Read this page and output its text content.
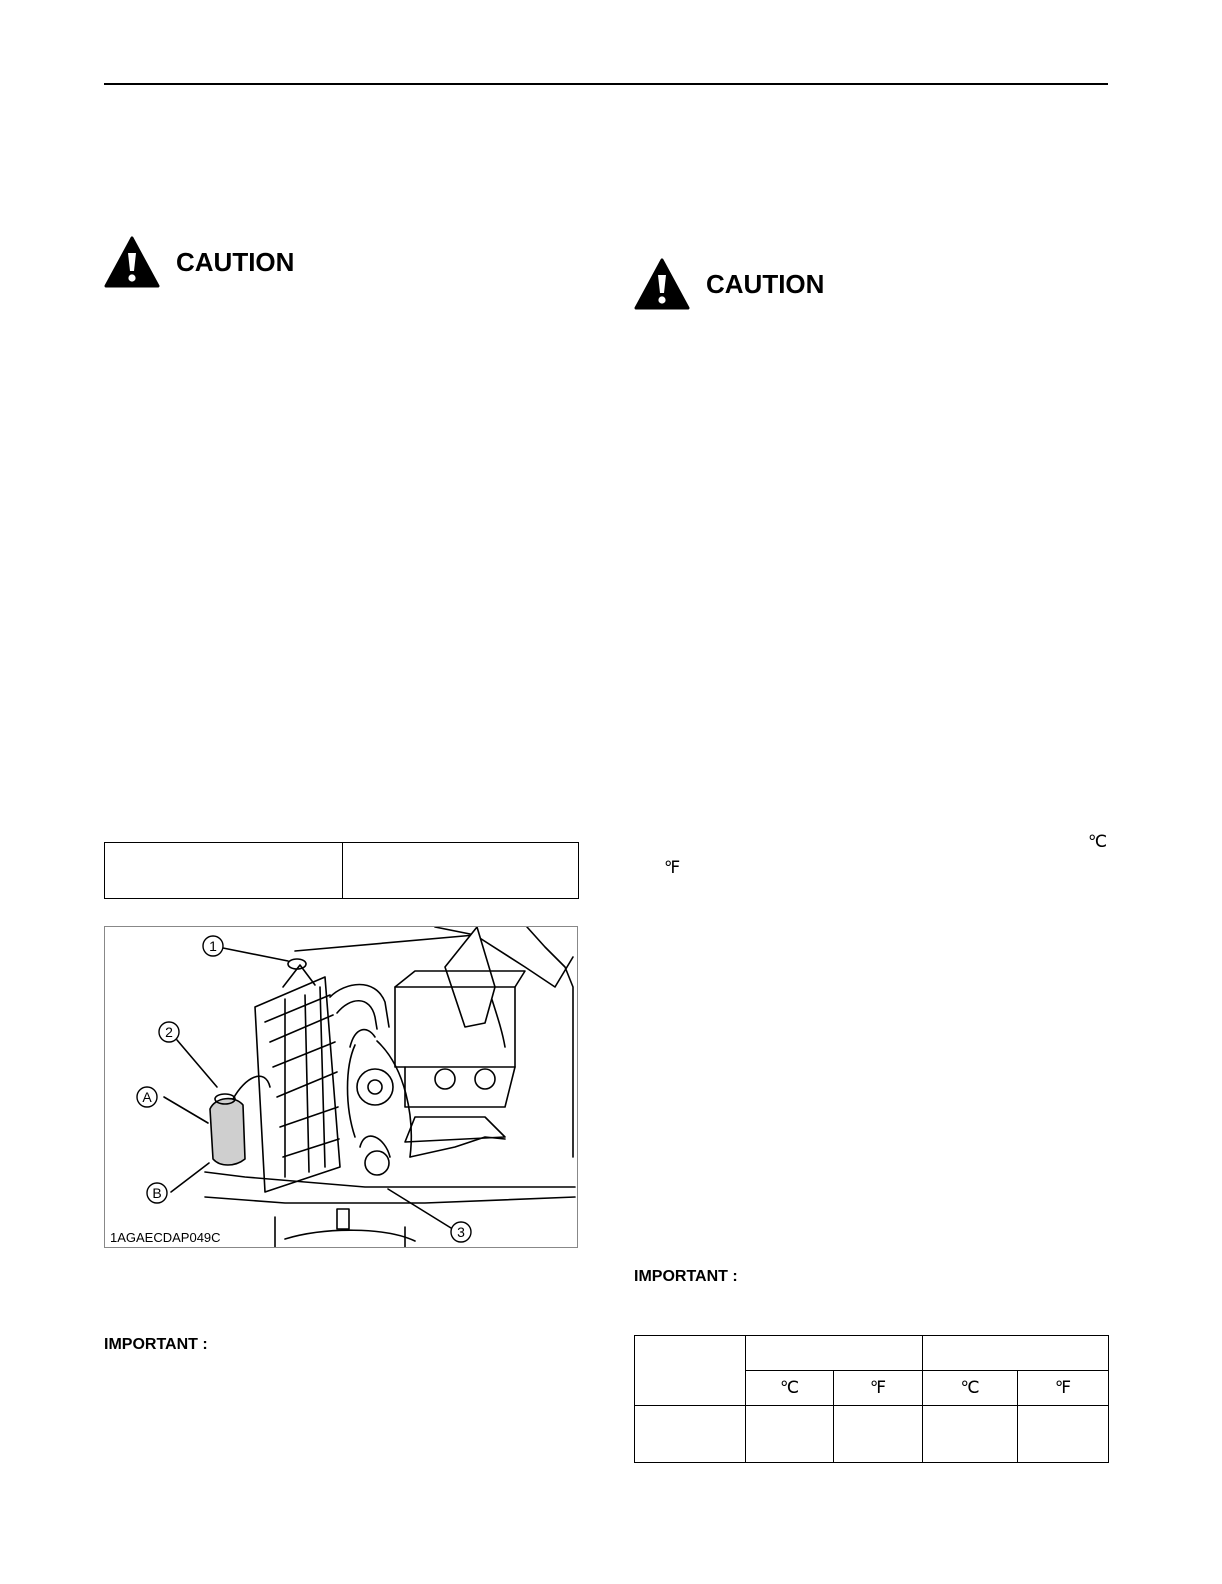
CAUTION

1
2
A
B
3
1AGAECDAP049C
IMPORTANT :
CAUTION
℃
℉
IMPORTANT :

	℃	℉	℃	℉
